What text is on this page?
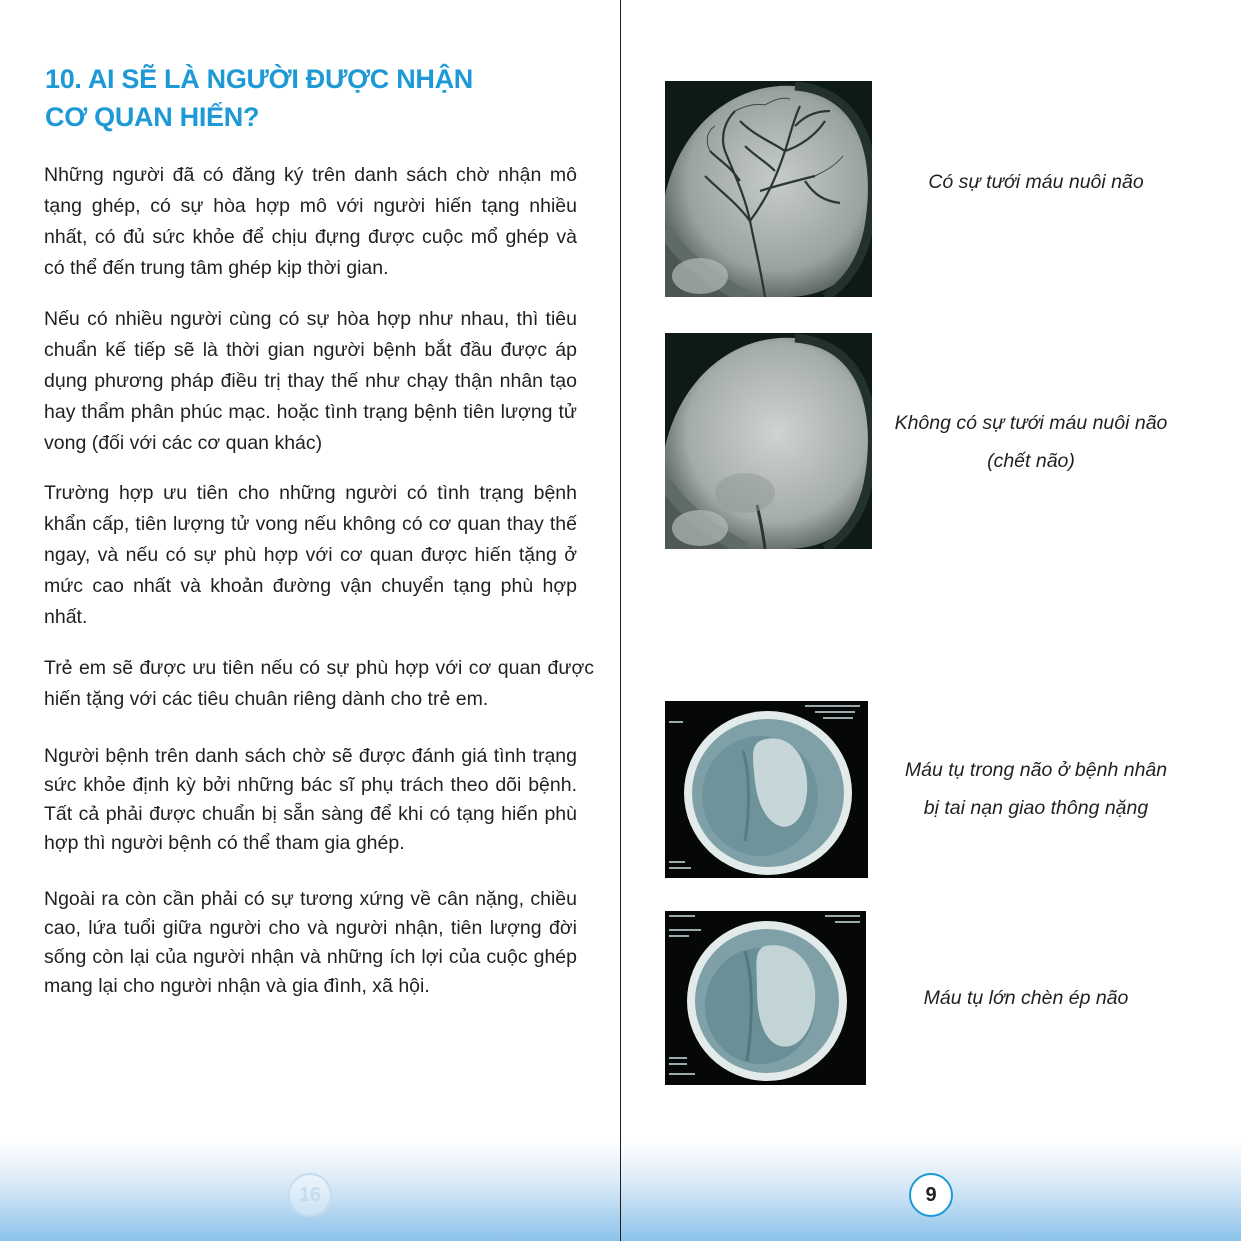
10. AI SẼ LÀ NGƯỜI ĐƯỢC NHẬN
CƠ QUAN HIẾN?

Những người đã có đăng ký trên danh sách chờ nhận mô tạng ghép, có sự hòa hợp mô với người hiến tạng nhiều nhất, có đủ sức khỏe để chịu đựng được cuộc mổ ghép và có thể đến trung tâm ghép kịp thời gian.

Nếu có nhiều người cùng có sự hòa hợp như nhau, thì tiêu chuẩn kế tiếp sẽ là thời gian người bệnh bắt đầu được áp dụng phương pháp điều trị thay thế như chạy thận nhân tạo hay thẩm phân phúc mạc. hoặc tình trạng bệnh tiên lượng tử vong (đối với các cơ quan khác)

Trường hợp ưu tiên cho những người có tình trạng bệnh khẩn cấp, tiên lượng tử vong nếu không có cơ quan thay thế ngay, và nếu có sự phù hợp với cơ quan được hiến tặng ở mức cao nhất và khoản đường vận chuyển tạng phù hợp nhất.

Trẻ em sẽ được ưu tiên nếu có sự phù hợp với cơ quan được hiến tặng với các tiêu chuân riêng dành cho trẻ em.

Người bệnh trên danh sách chờ sẽ được đánh giá tình trạng sức khỏe định kỳ bởi những bác sĩ phụ trách theo dõi bệnh. Tất cả phải được chuẩn bị sẵn sàng để khi có tạng hiến phù hợp thì người bệnh có thể tham gia ghép.

Ngoài ra còn cần phải có sự tương xứng về cân nặng, chiều cao, lứa tuổi giữa người cho và người nhận, tiên lượng đời sống còn lại của người nhận và những ích lợi của cuộc ghép mang lại cho người nhận và gia đình, xã hội.

16
Có sự tưới máu nuôi não
Không có sự tưới máu nuôi não
(chết não)
Máu tụ trong não ở bệnh nhân
bị tai nạn giao thông nặng
Máu tụ lớn chèn ép não
9
